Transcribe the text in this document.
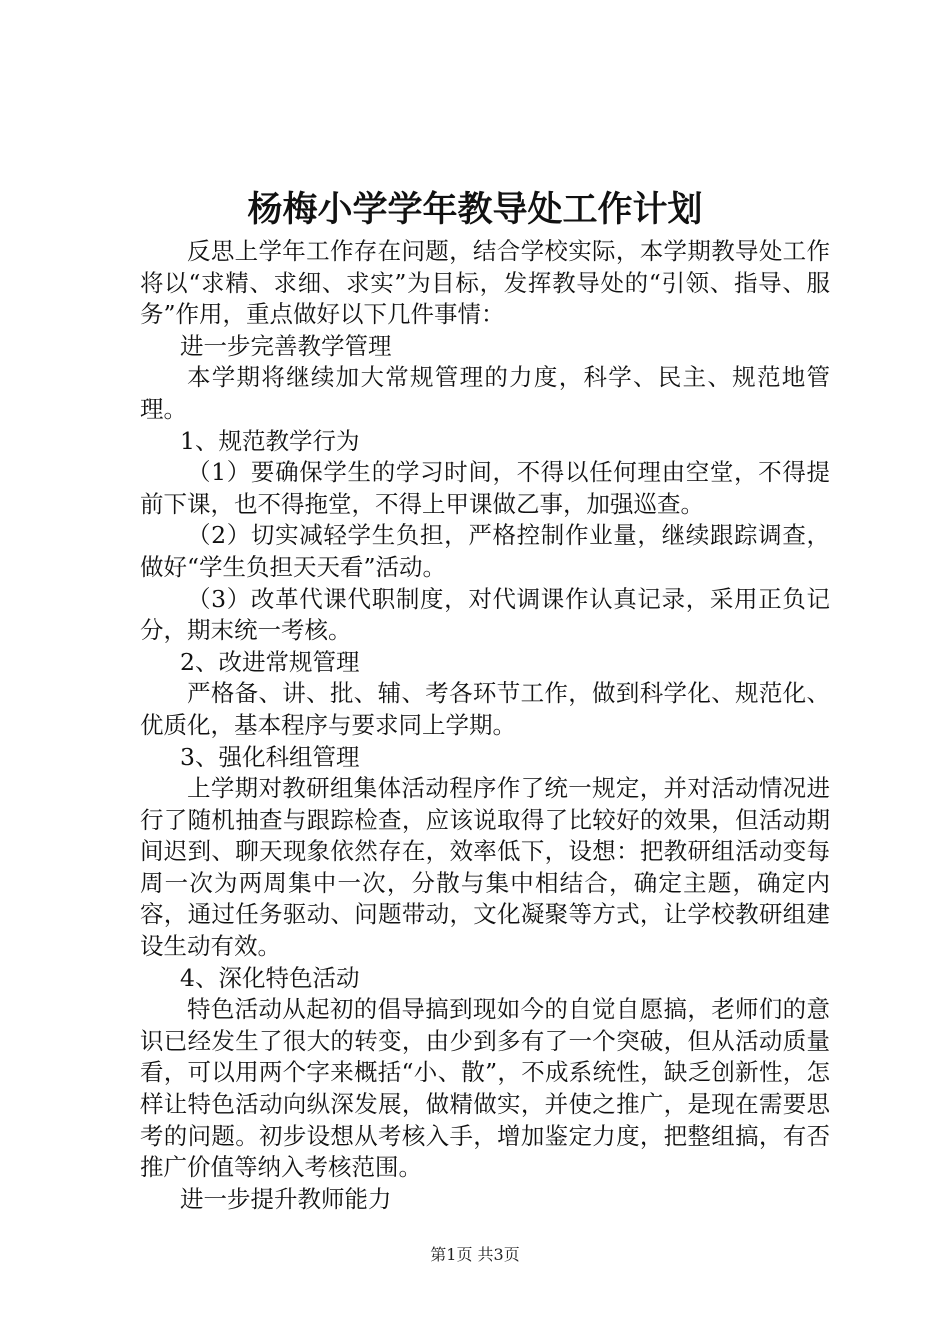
杨梅小学学年教导处工作计划

反思上学年工作存在问题，结合学校实际，本学期教导处工作将以“求精、求细、求实”为目标，发挥教导处的“引领、指导、服务”作用，重点做好以下几件事情：

进一步完善教学管理

本学期将继续加大常规管理的力度，科学、民主、规范地管理。

1、规范教学行为

（1）要确保学生的学习时间，不得以任何理由空堂，不得提前下课，也不得拖堂，不得上甲课做乙事，加强巡查。

（2）切实减轻学生负担，严格控制作业量，继续跟踪调查，做好“学生负担天天看”活动。

（3）改革代课代职制度，对代调课作认真记录，采用正负记分，期末统一考核。

2、改进常规管理

严格备、讲、批、辅、考各环节工作，做到科学化、规范化、优质化，基本程序与要求同上学期。

3、强化科组管理

上学期对教研组集体活动程序作了统一规定，并对活动情况进行了随机抽查与跟踪检查，应该说取得了比较好的效果，但活动期间迟到、聊天现象依然存在，效率低下，设想：把教研组活动变每周一次为两周集中一次，分散与集中相结合，确定主题，确定内容，通过任务驱动、问题带动，文化凝聚等方式，让学校教研组建设生动有效。

4、深化特色活动

特色活动从起初的倡导搞到现如今的自觉自愿搞，老师们的意识已经发生了很大的转变，由少到多有了一个突破，但从活动质量看，可以用两个字来概括“小、散”，不成系统性，缺乏创新性，怎样让特色活动向纵深发展，做精做实，并使之推广，是现在需要思考的问题。初步设想从考核入手，增加鉴定力度，把整组搞，有否推广价值等纳入考核范围。

进一步提升教师能力

第1页 共3页
